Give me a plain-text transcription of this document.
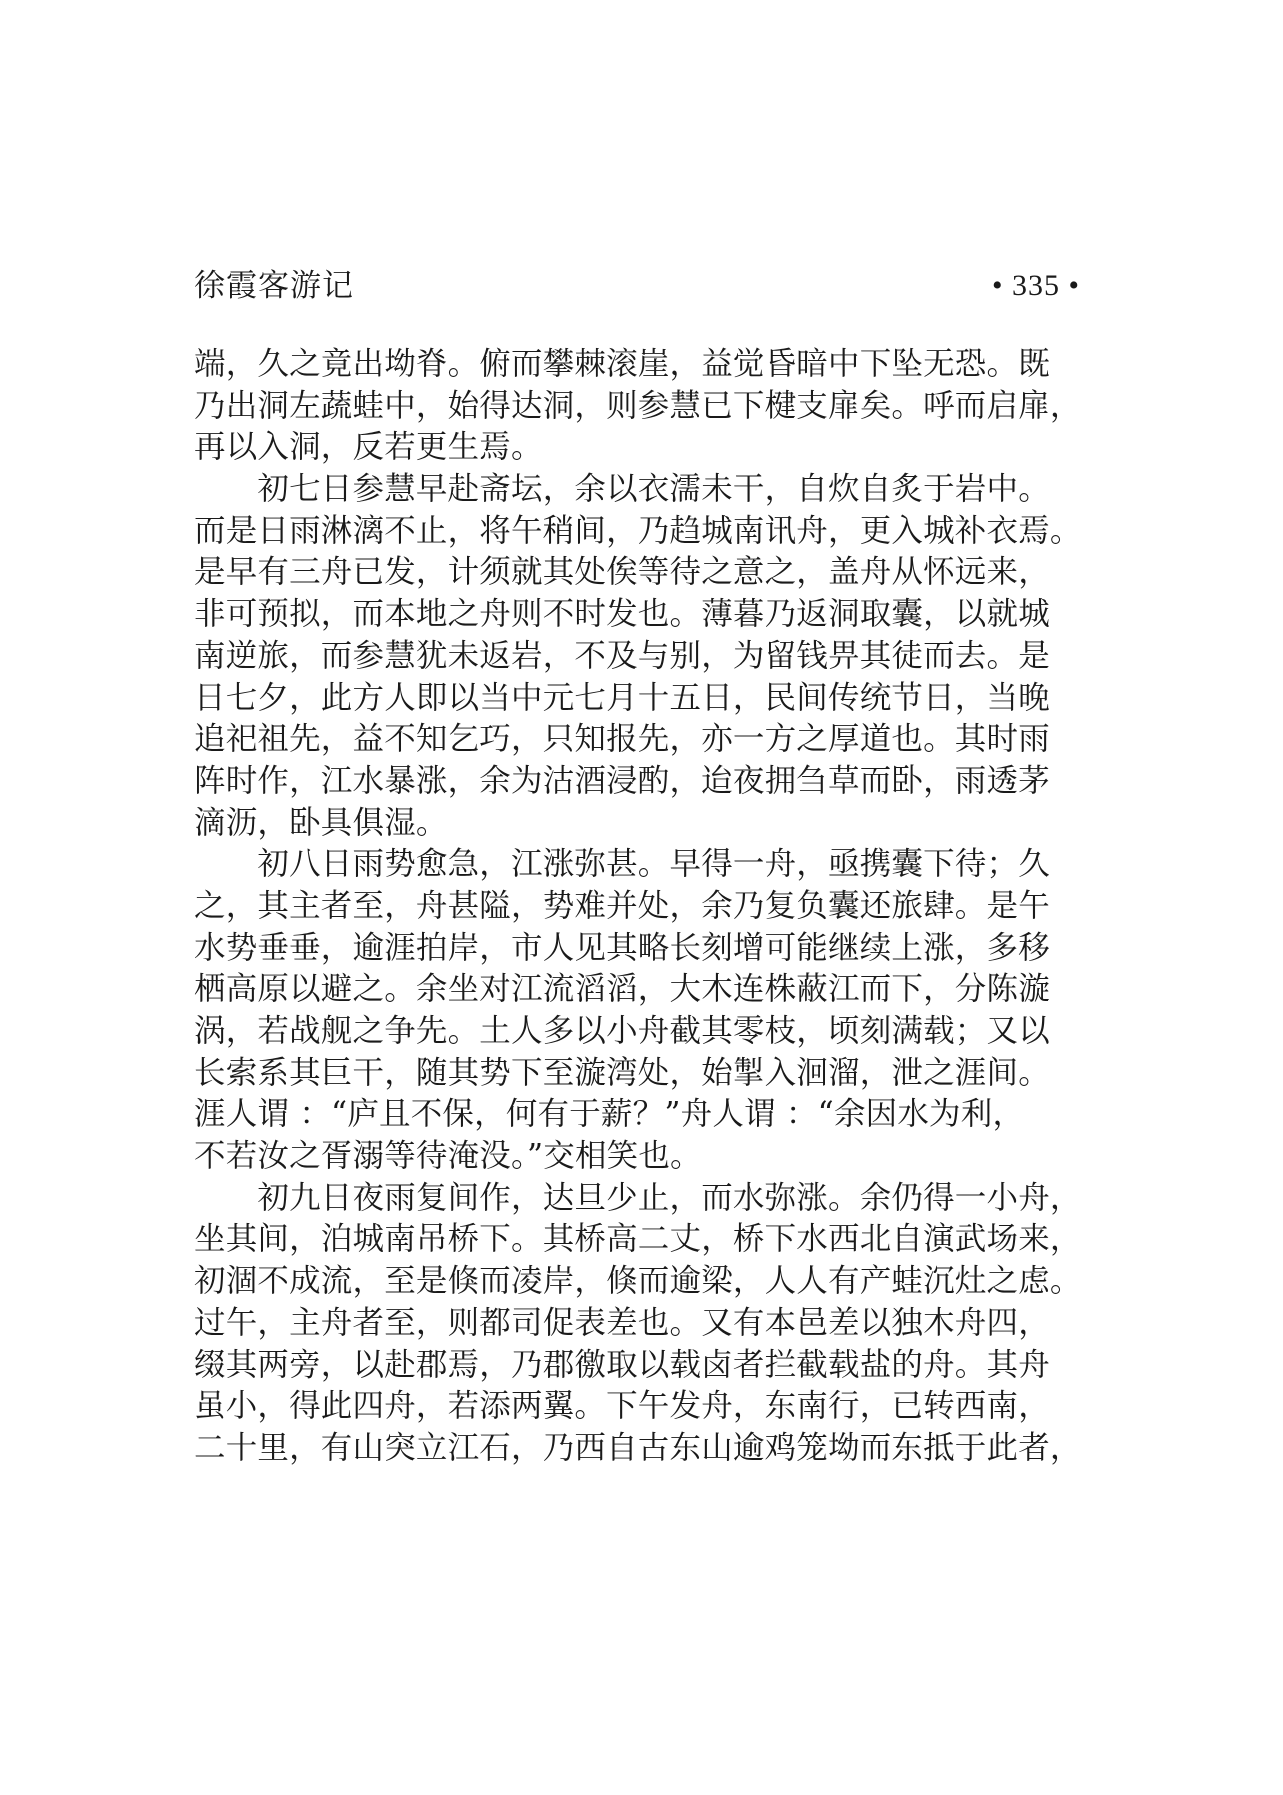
徐霞客游记	• 335 •
端，久之竟出坳脊。俯而攀棘滚崖，益觉昏暗中下坠无恐。既
乃出洞左蔬蛙中，始得达洞，则参慧已下楗支扉矣。呼而启扉，
再以入洞，反若更生焉。
　　初七日参慧早赴斋坛，余以衣濡未干，自炊自炙于岩中。
而是日雨淋漓不止，将午稍间，乃趋城南讯舟，更入城补衣焉。
是早有三舟已发，计须就其处俟等待之意之，盖舟从怀远来，
非可预拟，而本地之舟则不时发也。薄暮乃返洞取囊，以就城
南逆旅，而参慧犹未返岩，不及与别，为留钱畀其徒而去。是
日七夕，此方人即以当中元七月十五日，民间传统节日，当晚
追祀祖先，益不知乞巧，只知报先，亦一方之厚道也。其时雨
阵时作，江水暴涨，余为沽酒浸酌，迨夜拥刍草而卧，雨透茅
滴沥，卧具俱湿。
　　初八日雨势愈急，江涨弥甚。早得一舟，亟携囊下待；久
之，其主者至，舟甚隘，势难并处，余乃复负囊还旅肆。是午
水势垂垂，逾涯拍岸，市人见其略长刻增可能继续上涨，多移
栖高原以避之。余坐对江流滔滔，大木连株蔽江而下，分陈漩
涡，若战舰之争先。土人多以小舟截其零枝，顷刻满载；又以
长索系其巨干，随其势下至漩湾处，始掣入洄溜，泄之涯间。
涯人谓 ：“庐且不保，何有于薪？”舟人谓 ：“余因水为利，
不若汝之胥溺等待淹没。”交相笑也。
　　初九日夜雨复间作，达旦少止，而水弥涨。余仍得一小舟，
坐其间，泊城南吊桥下。其桥高二丈，桥下水西北自演武场来，
初涸不成流，至是倏而凌岸，倏而逾梁，人人有产蛙沉灶之虑。
过午，主舟者至，则都司促表差也。又有本邑差以独木舟四，
缀其两旁，以赴郡焉，乃郡徼取以载卤者拦截载盐的舟。其舟
虽小，得此四舟，若添两翼。下午发舟，东南行，已转西南，
二十里，有山突立江石，乃西自古东山逾鸡笼坳而东抵于此者，
